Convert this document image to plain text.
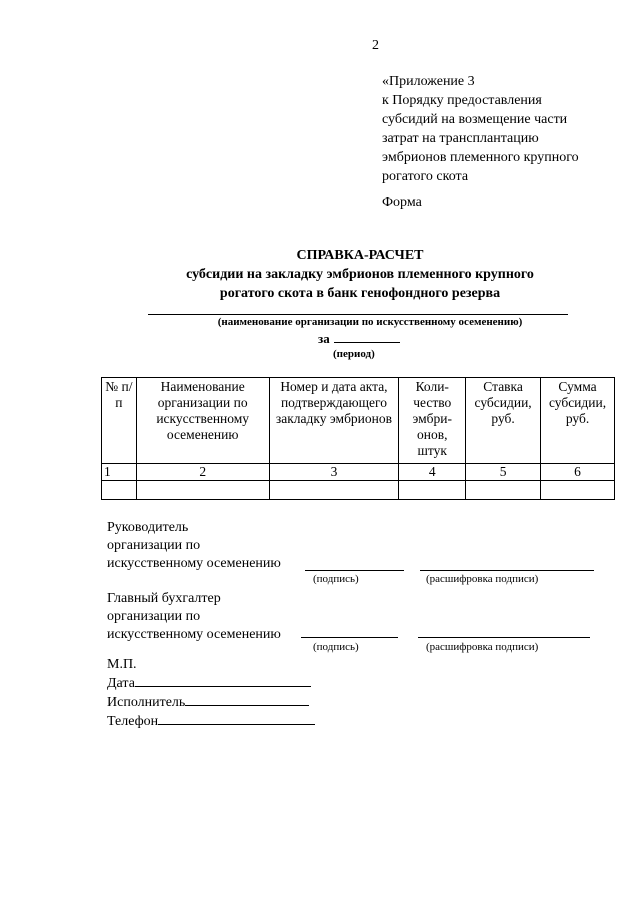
2
«Приложение 3
к Порядку предоставления
субсидий на возмещение части
затрат на трансплантацию
эмбрионов племенного крупного
рогатого скота
Форма
СПРАВКА-РАСЧЕТ
субсидии на закладку эмбрионов племенного крупного
рогатого скота в банк генофондного резерва
(наименование организации по искусственному осеменению)
за
(период)
№ п/п	Наименование организации по искусственному осеменению	Номер и дата акта, подтверждающего закладку эмбрионов	Коли-чество эмбри-онов, штук	Ставка субсидии, руб.	Сумма субсидии, руб.
1	2	3	4	5	6

Руководитель
организации по
искусственному осеменению
(подпись)	(расшифровка подписи)
Главный бухгалтер
организации по
искусственному осеменению
(подпись)	(расшифровка подписи)
М.П.
Дата
Исполнитель
Телефон
